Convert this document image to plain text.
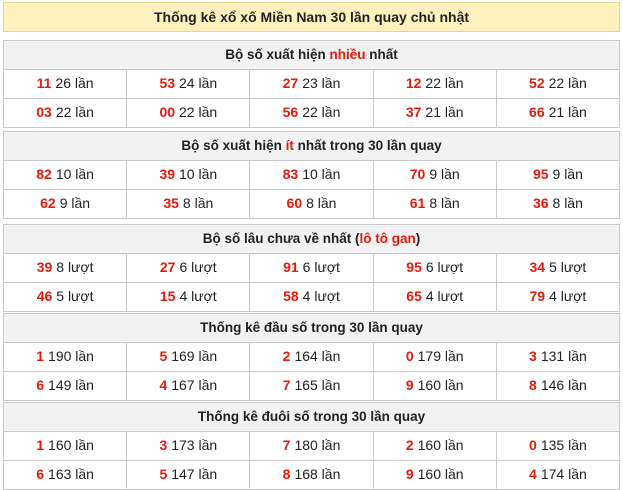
Thống kê xổ xố Miền Nam 30 lần quay chủ nhật
Bộ số xuất hiện nhiều nhất
11 26 lần	53 24 lần	27 23 lần	12 22 lần	52 22 lần
03 22 lần	00 22 lần	56 22 lần	37 21 lần	66 21 lần
Bộ số xuất hiện ít nhất trong 30 lần quay
82 10 lần	39 10 lần	83 10 lần	70 9 lần	95 9 lần
62 9 lần	35 8 lần	60 8 lần	61 8 lần	36 8 lần
Bộ số lâu chưa về nhất (lô tô gan)
39 8 lượt	27 6 lượt	91 6 lượt	95 6 lượt	34 5 lượt
46 5 lượt	15 4 lượt	58 4 lượt	65 4 lượt	79 4 lượt
Thống kê đầu số trong 30 lần quay
1 190 lần	5 169 lần	2 164 lần	0 179 lần	3 131 lần
6 149 lần	4 167 lần	7 165 lần	9 160 lần	8 146 lần
Thống kê đuôi số trong 30 lần quay
1 160 lần	3 173 lần	7 180 lần	2 160 lần	0 135 lần
6 163 lần	5 147 lần	8 168 lần	9 160 lần	4 174 lần
